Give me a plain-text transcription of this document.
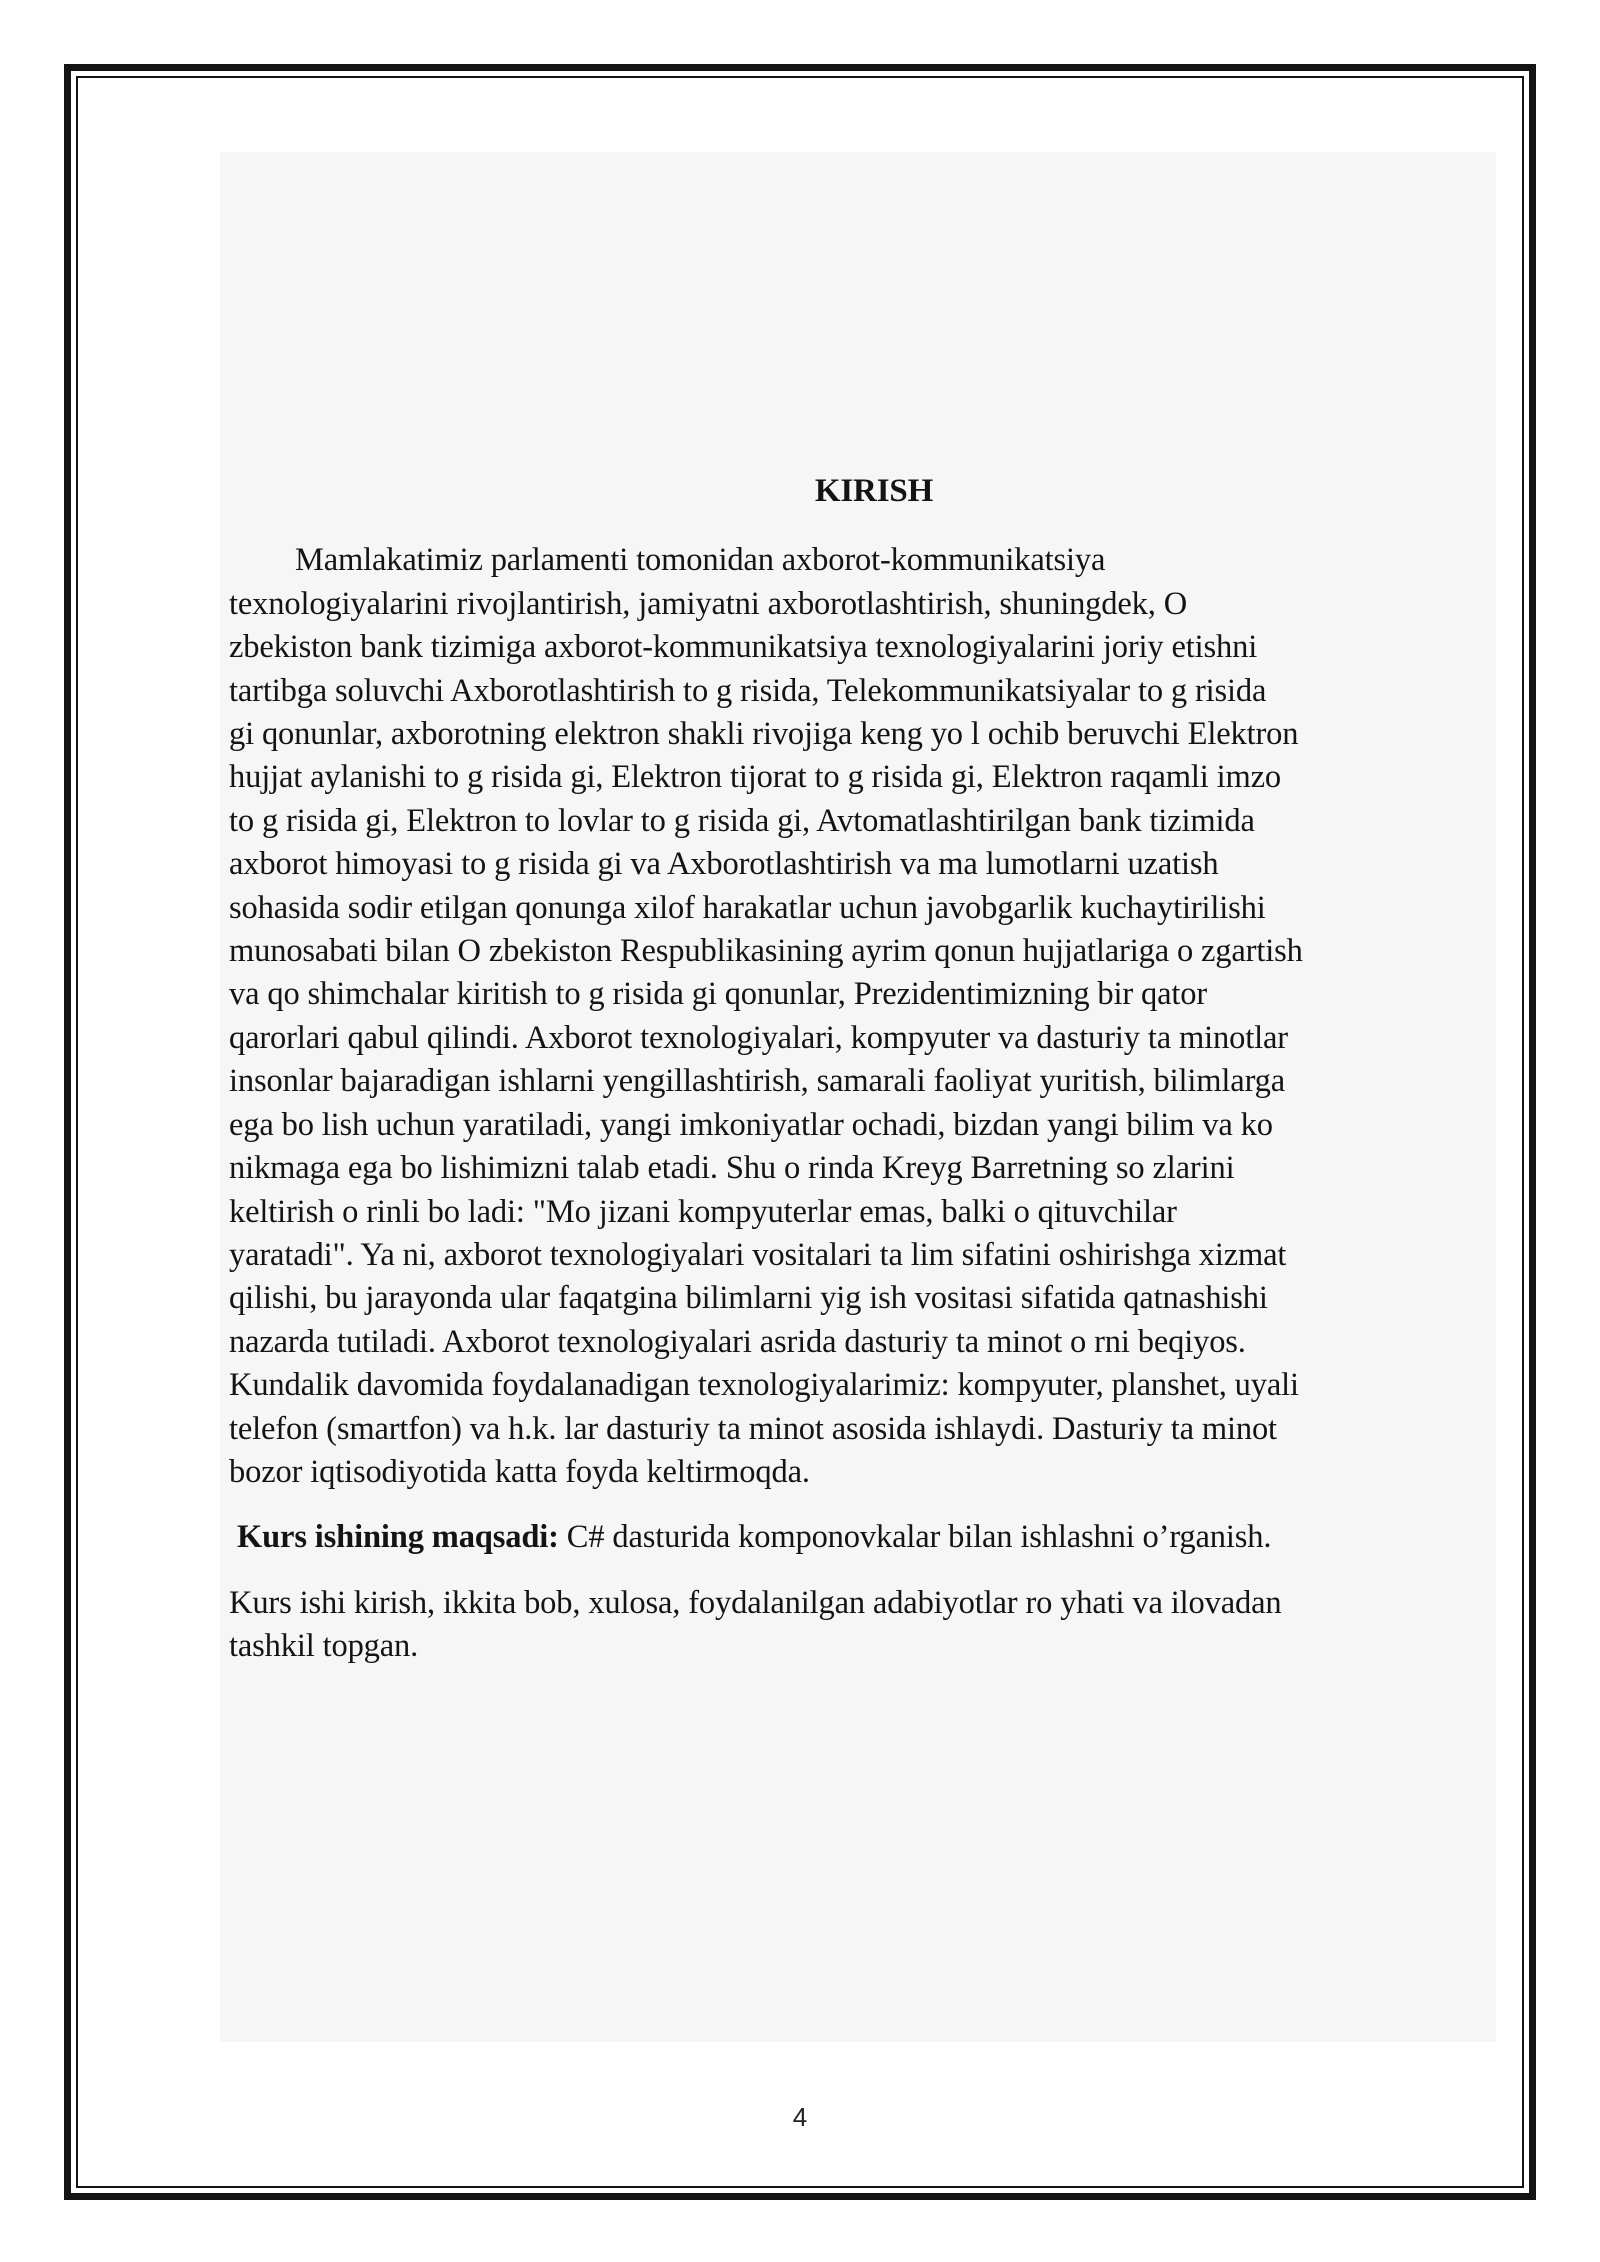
KIRISH

Mamlakatimiz parlamenti tomonidan axborot-kommunikatsiya
texnologiyalarini rivojlantirish, jamiyatni axborotlashtirish, shuningdek, O
zbekiston bank tizimiga axborot-kommunikatsiya texnologiyalarini joriy etishni
tartibga soluvchi Axborotlashtirish to g risida, Telekommunikatsiyalar to g risida
gi qonunlar, axborotning elektron shakli rivojiga keng yo l ochib beruvchi Elektron
hujjat aylanishi to g risida gi, Elektron tijorat to g risida gi, Elektron raqamli imzo
to g risida gi, Elektron to lovlar to g risida gi, Avtomatlashtirilgan bank tizimida
axborot himoyasi to g risida gi va Axborotlashtirish va ma lumotlarni uzatish
sohasida sodir etilgan qonunga xilof harakatlar uchun javobgarlik kuchaytirilishi
munosabati bilan O zbekiston Respublikasining ayrim qonun hujjatlariga o zgartish
va qo shimchalar kiritish to g risida gi qonunlar, Prezidentimizning bir qator
qarorlari qabul qilindi. Axborot texnologiyalari, kompyuter va dasturiy ta minotlar
insonlar bajaradigan ishlarni yengillashtirish, samarali faoliyat yuritish, bilimlarga
ega bo lish uchun yaratiladi, yangi imkoniyatlar ochadi, bizdan yangi bilim va ko
nikmaga ega bo lishimizni talab etadi. Shu o rinda Kreyg Barretning so zlarini
keltirish o rinli bo ladi: "Mo jizani kompyuterlar emas, balki o qituvchilar
yaratadi". Ya ni, axborot texnologiyalari vositalari ta lim sifatini oshirishga xizmat
qilishi, bu jarayonda ular faqatgina bilimlarni yig ish vositasi sifatida qatnashishi
nazarda tutiladi. Axborot texnologiyalari asrida dasturiy ta minot o rni beqiyos.
Kundalik davomida foydalanadigan texnologiyalarimiz: kompyuter, planshet, uyali
telefon (smartfon) va h.k. lar dasturiy ta minot asosida ishlaydi. Dasturiy ta minot
bozor iqtisodiyotida katta foyda keltirmoqda.

Kurs ishining maqsadi: C# dasturida komponovkalar bilan ishlashni o’rganish.

Kurs ishi kirish, ikkita bob, xulosa, foydalanilgan adabiyotlar ro yhati va ilovadan
tashkil topgan.

4
